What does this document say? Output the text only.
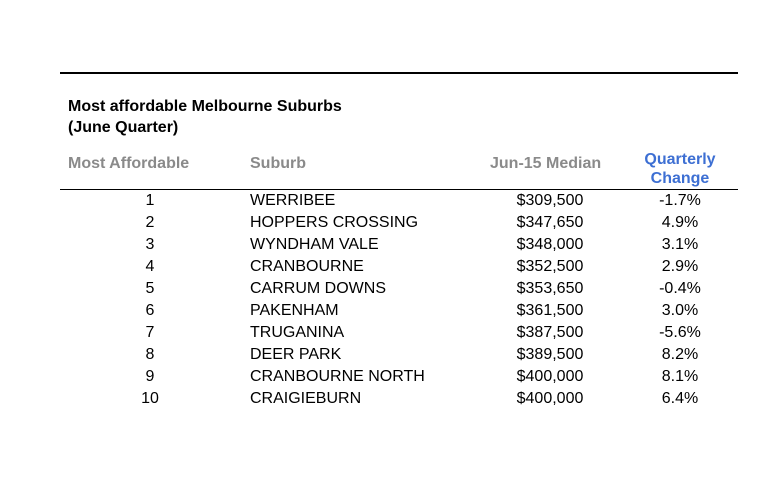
Most affordable Melbourne Suburbs
(June Quarter)
Most Affordable	Suburb	Jun-15 Median	Quarterly
Change
1	WERRIBEE	$309,500	-1.7%
2	HOPPERS CROSSING	$347,650	4.9%
3	WYNDHAM VALE	$348,000	3.1%
4	CRANBOURNE	$352,500	2.9%
5	CARRUM DOWNS	$353,650	-0.4%
6	PAKENHAM	$361,500	3.0%
7	TRUGANINA	$387,500	-5.6%
8	DEER PARK	$389,500	8.2%
9	CRANBOURNE NORTH	$400,000	8.1%
10	CRAIGIEBURN	$400,000	6.4%
